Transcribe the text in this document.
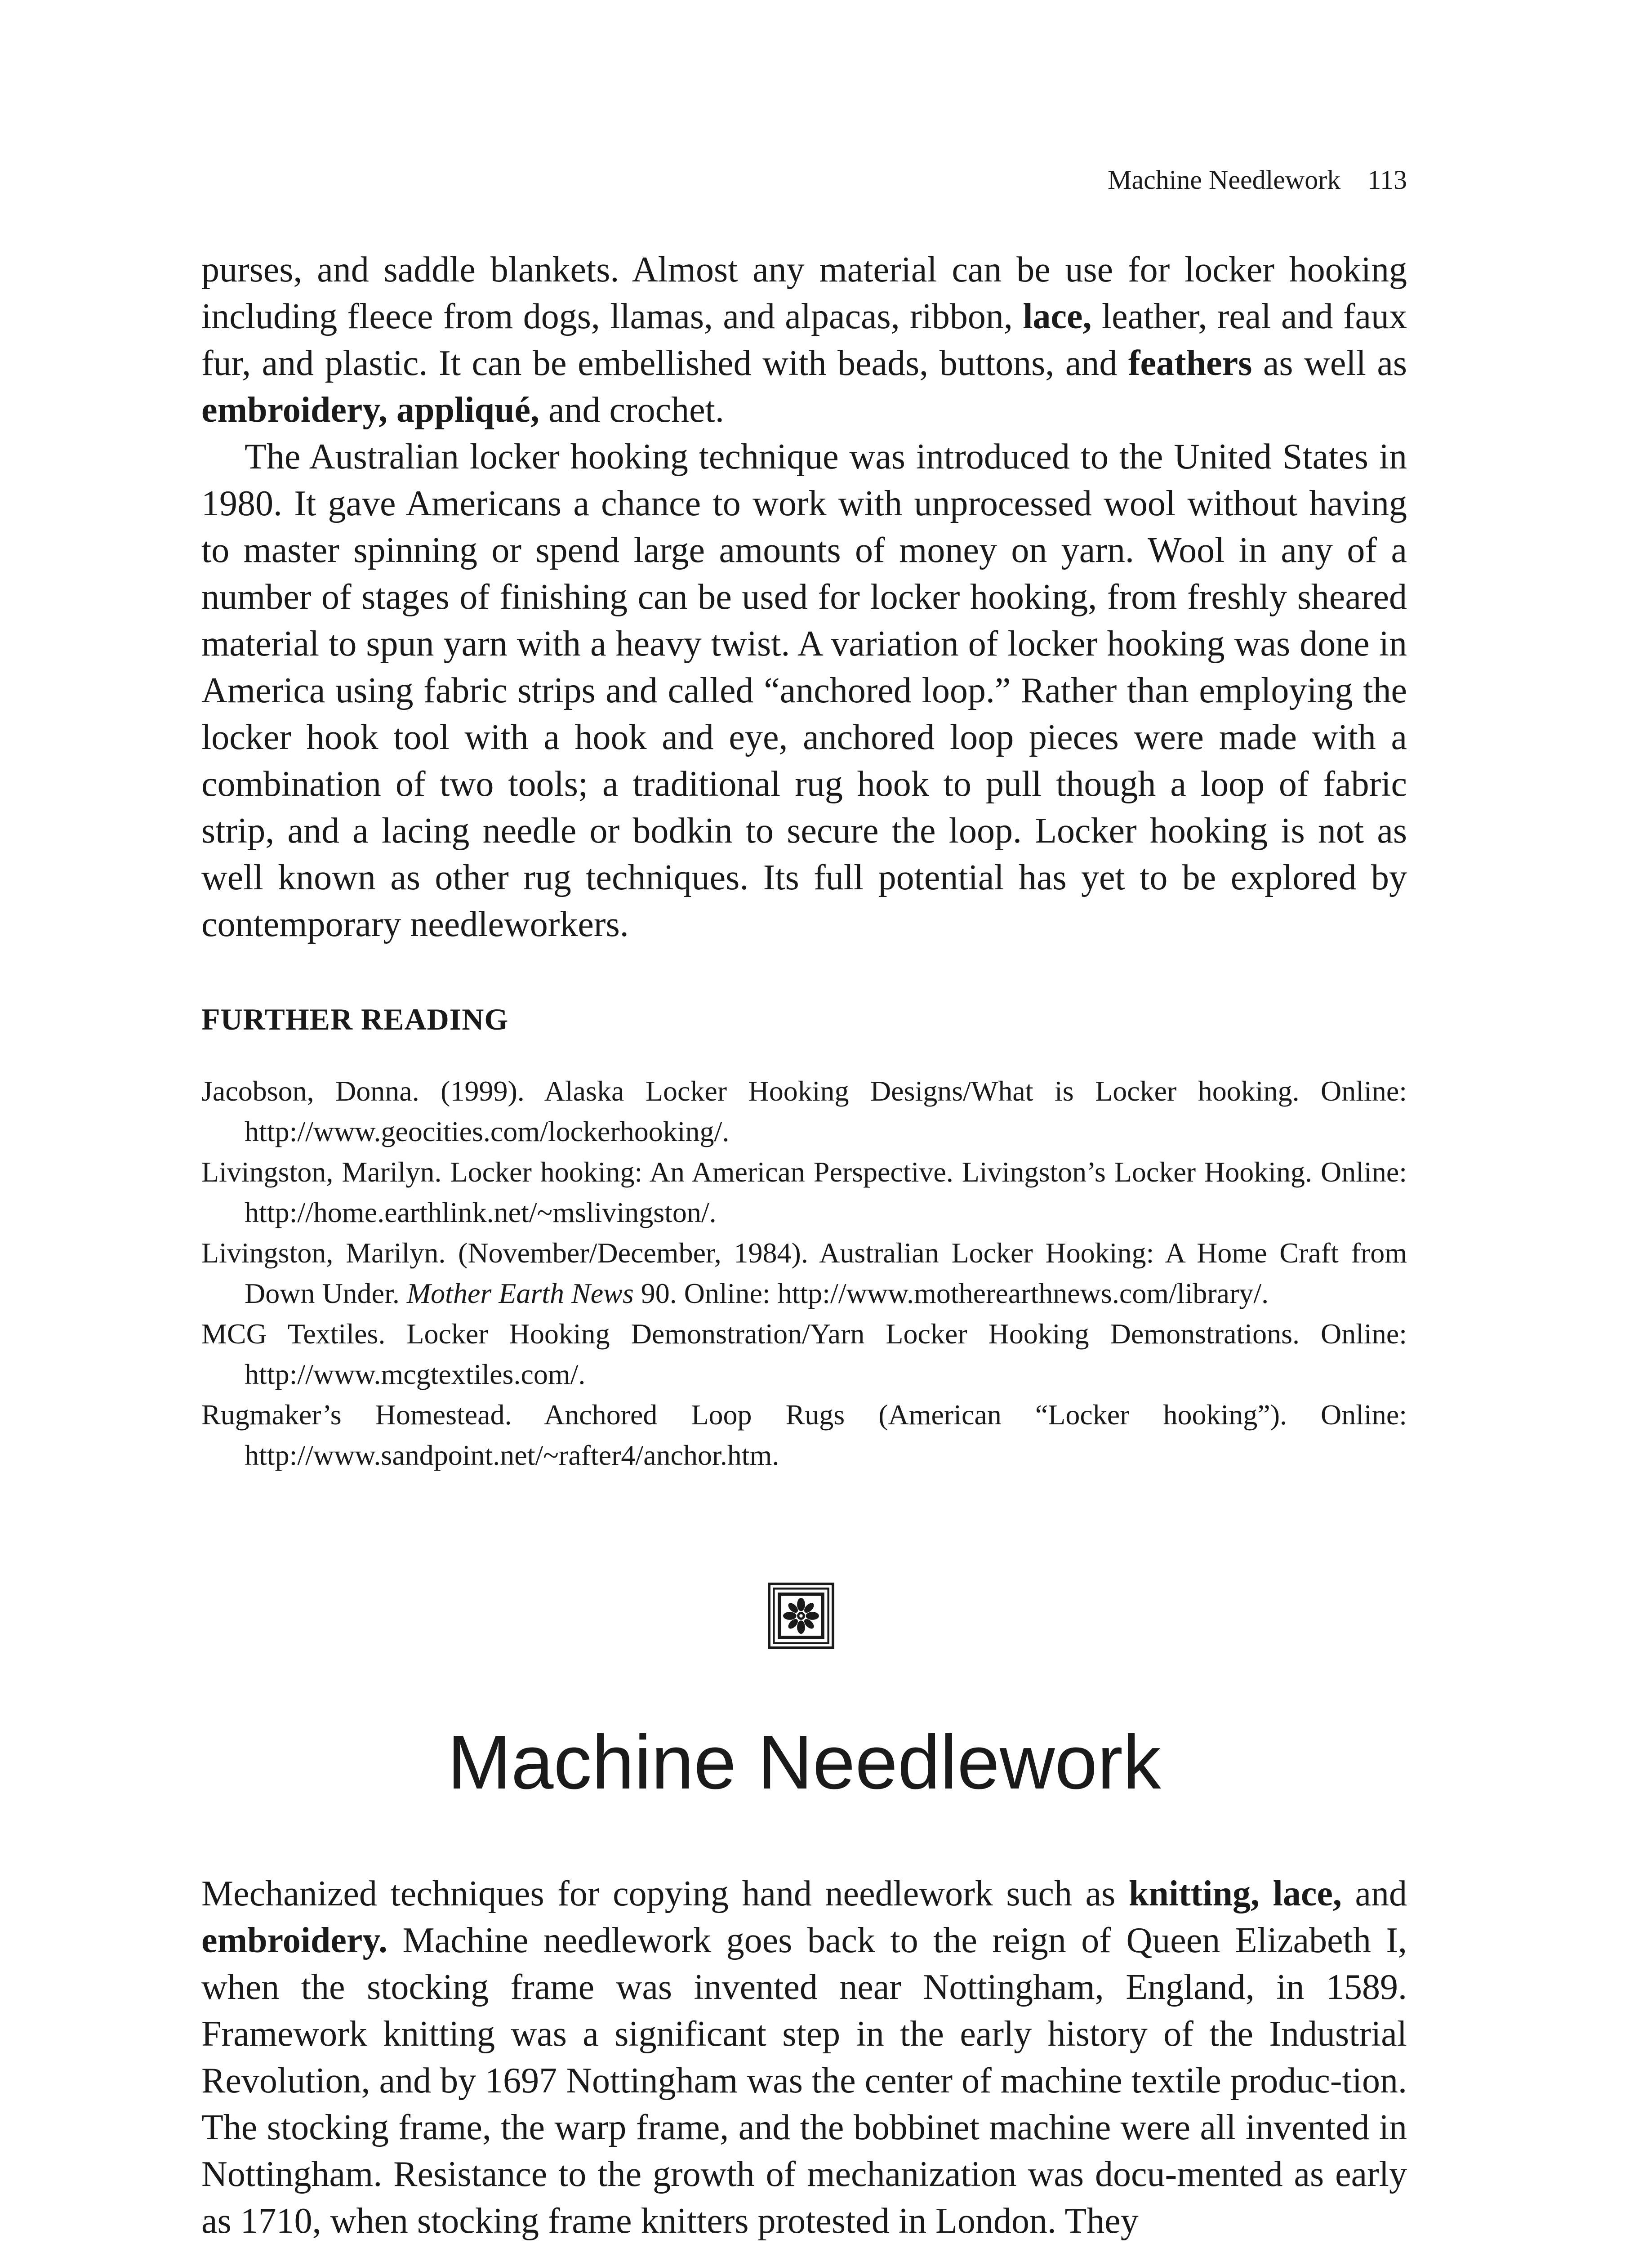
Machine Needlework 113

purses, and saddle blankets. Almost any material can be use for locker hooking including fleece from dogs, llamas, and alpacas, ribbon, lace, leather, real and faux fur, and plastic. It can be embellished with beads, buttons, and feathers as well as embroidery, appliqué, and crochet.

The Australian locker hooking technique was introduced to the United States in 1980. It gave Americans a chance to work with unprocessed wool without having to master spinning or spend large amounts of money on yarn. Wool in any of a number of stages of finishing can be used for locker hooking, from freshly sheared material to spun yarn with a heavy twist. A variation of locker hooking was done in America using fabric strips and called “anchored loop.” Rather than employing the locker hook tool with a hook and eye, anchored loop pieces were made with a combination of two tools; a traditional rug hook to pull though a loop of fabric strip, and a lacing needle or bodkin to secure the loop. Locker hooking is not as well known as other rug techniques. Its full potential has yet to be explored by contemporary needleworkers.

FURTHER READING
Jacobson, Donna. (1999). Alaska Locker Hooking Designs/What is Locker hooking. Online: http://www.geocities.com/lockerhooking/.
Livingston, Marilyn. Locker hooking: An American Perspective. Livingston’s Locker Hooking. Online: http://home.earthlink.net/~mslivingston/.
Livingston, Marilyn. (November/December, 1984). Australian Locker Hooking: A Home Craft from Down Under. Mother Earth News 90. Online: http://www.motherearthnews.com/library/.
MCG Textiles. Locker Hooking Demonstration/Yarn Locker Hooking Demonstrations. Online: http://www.mcgtextiles.com/.
Rugmaker’s Homestead. Anchored Loop Rugs (American “Locker hooking”). Online: http://www.sandpoint.net/~rafter4/anchor.htm.
Machine Needlework

Mechanized techniques for copying hand needlework such as knitting, lace, and embroidery. Machine needlework goes back to the reign of Queen Elizabeth I, when the stocking frame was invented near Nottingham, England, in 1589. Framework knitting was a significant step in the early history of the Industrial Revolution, and by 1697 Nottingham was the center of machine textile produc-tion. The stocking frame, the warp frame, and the bobbinet machine were all invented in Nottingham. Resistance to the growth of mechanization was docu-mented as early as 1710, when stocking frame knitters protested in London. They
